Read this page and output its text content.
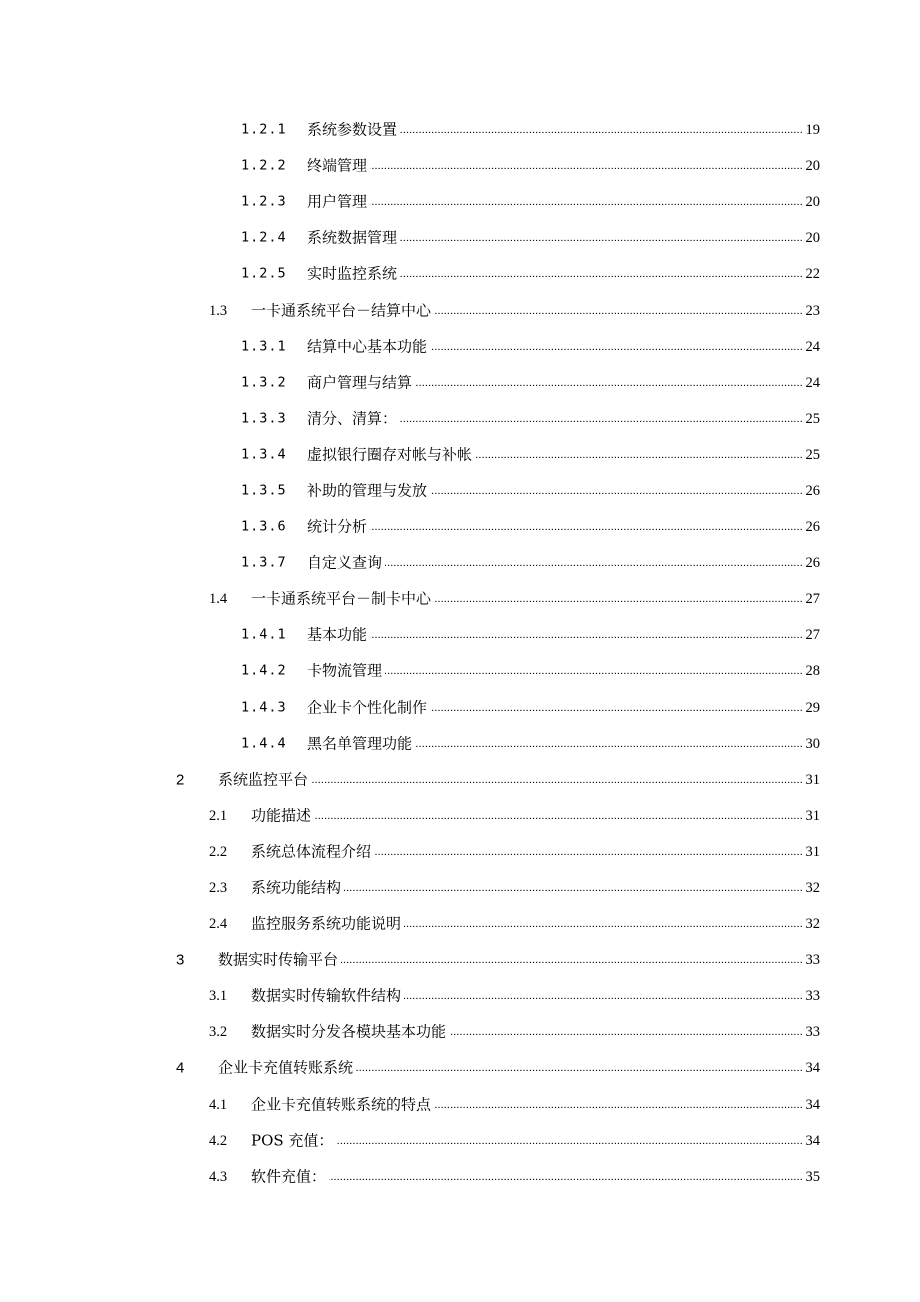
1.2.1 系统参数设置 .....	19
1.2.2 终端管理 .....	20
1.2.3 用户管理 .....	20
1.2.4 系统数据管理 .....	20
1.2.5 实时监控系统 .....	22
1.3 一卡通系统平台－结算中心 .....	23
1.3.1 结算中心基本功能 .....	24
1.3.2 商户管理与结算 .....	24
1.3.3 清分、清算： .....	25
1.3.4 虚拟银行圈存对帐与补帐 .....	25
1.3.5 补助的管理与发放 .....	26
1.3.6 统计分析 .....	26
1.3.7 自定义查询 .....	26
1.4 一卡通系统平台－制卡中心 .....	27
1.4.1 基本功能 .....	27
1.4.2 卡物流管理 .....	28
1.4.3 企业卡个性化制作 .....	29
1.4.4 黑名单管理功能 .....	30
2 系统监控平台 .....	31
2.1 功能描述 .....	31
2.2 系统总体流程介绍 .....	31
2.3 系统功能结构 .....	32
2.4 监控服务系统功能说明 .....	32
3 数据实时传输平台 .....	33
3.1 数据实时传输软件结构 .....	33
3.2 数据实时分发各模块基本功能 .....	33
4 企业卡充值转账系统 .....	34
4.1 企业卡充值转账系统的特点 .....	34
4.2 POS 充值： .....	34
4.3 软件充值： .....	35
